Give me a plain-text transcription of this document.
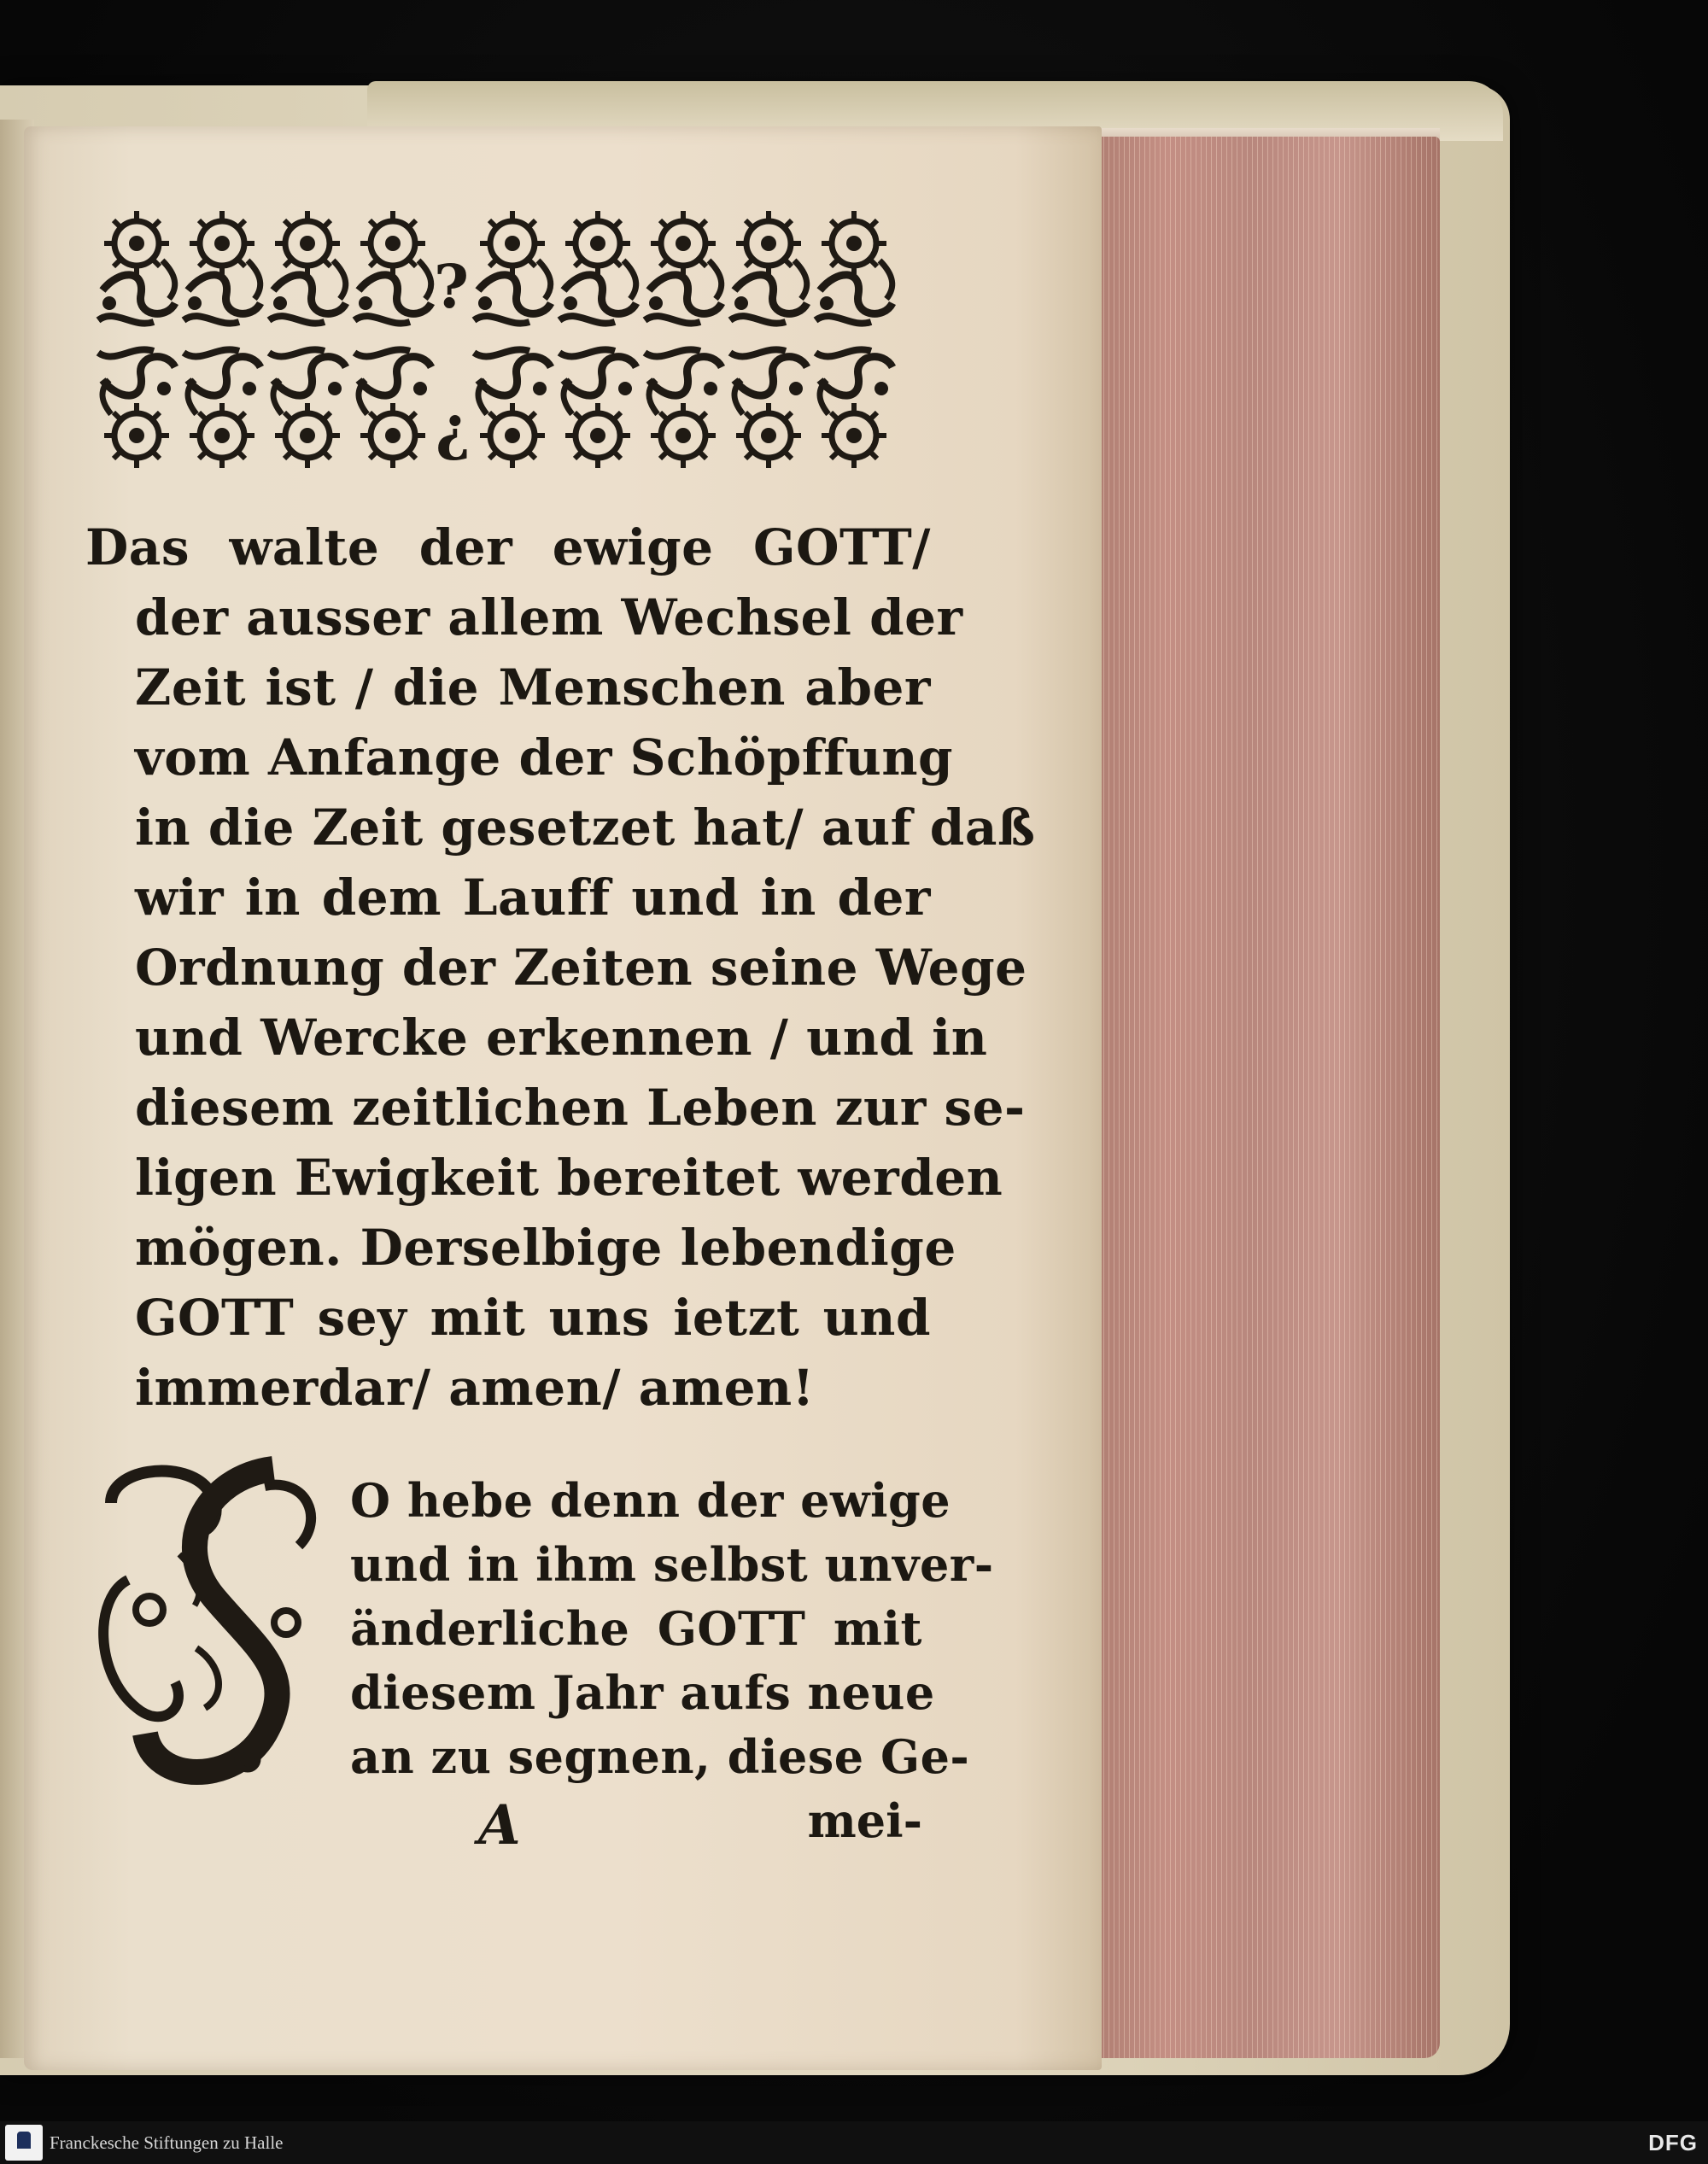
?
¿
Das walte der ewige GOTT/
der ausser allem Wechsel der
Zeit ist / die Menschen aber
vom Anfange der Schöpffung
in die Zeit gesetzet hat/ auf daß
wir in dem Lauff und in der
Ordnung der Zeiten seine Wege
und Wercke erkennen / und in
diesem zeitlichen Leben zur se-
ligen Ewigkeit bereitet werden
mögen. Derselbige lebendige
GOTT sey mit uns ietzt und
immerdar/ amen/ amen!
O hebe denn der ewige
und in ihm selbst unver-
änderliche GOTT mit
diesem Jahr aufs neue
an zu segnen, diese Ge-
A	mei-
Franckesche Stiftungen zu Halle	DFG
